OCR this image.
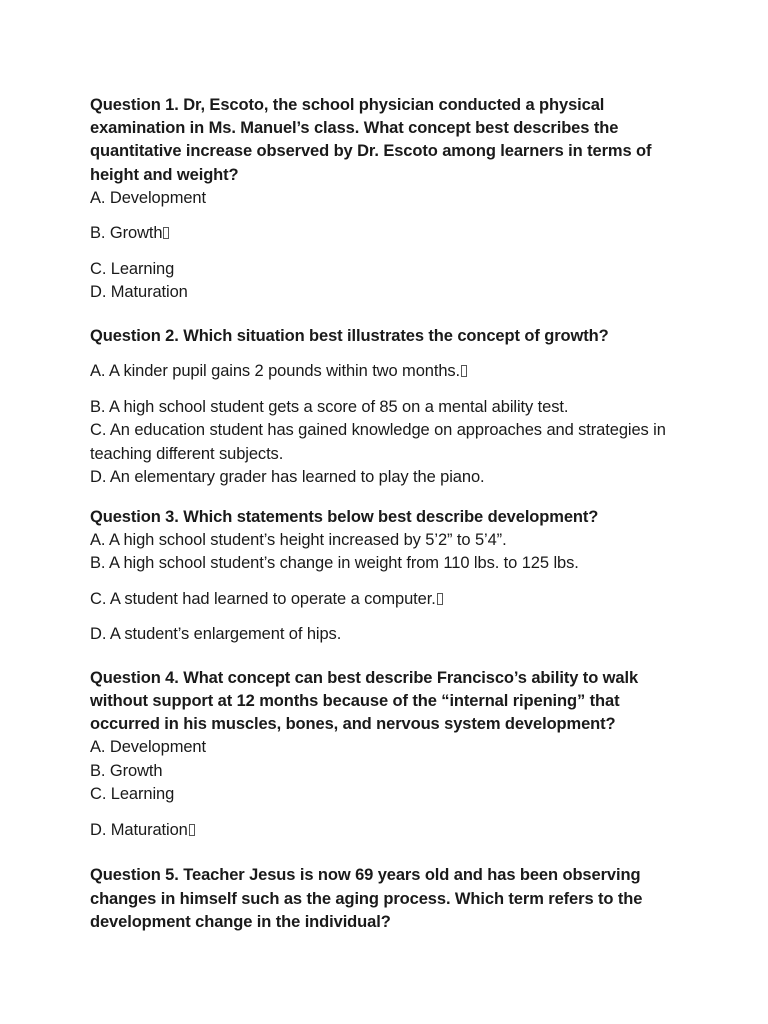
Question 1. Dr, Escoto, the school physician conducted a physical examination in Ms. Manuel’s class. What concept best describes the quantitative increase observed by Dr. Escoto among learners in terms of height and weight?

A. Development

B. Growth

C. Learning

D. Maturation

Question 2. Which situation best illustrates the concept of growth?

A. A kinder pupil gains 2 pounds within two months.

B. A high school student gets a score of 85 on a mental ability test.

C. An education student has gained knowledge on approaches and strategies in teaching different subjects.

D. An elementary grader has learned to play the piano.

Question 3. Which statements below best describe development?

A. A high school student’s height increased by 5’2” to 5’4”.

B. A high school student’s change in weight from 110 lbs. to 125 lbs.

C. A student had learned to operate a computer.

D. A student’s enlargement of hips.

Question 4. What concept can best describe Francisco’s ability to walk without support at 12 months because of the “internal ripening” that occurred in his muscles, bones, and nervous system development?

A. Development

B. Growth

C. Learning

D. Maturation

Question 5. Teacher Jesus is now 69 years old and has been observing changes in himself such as the aging process. Which term refers to the development change in the individual?
